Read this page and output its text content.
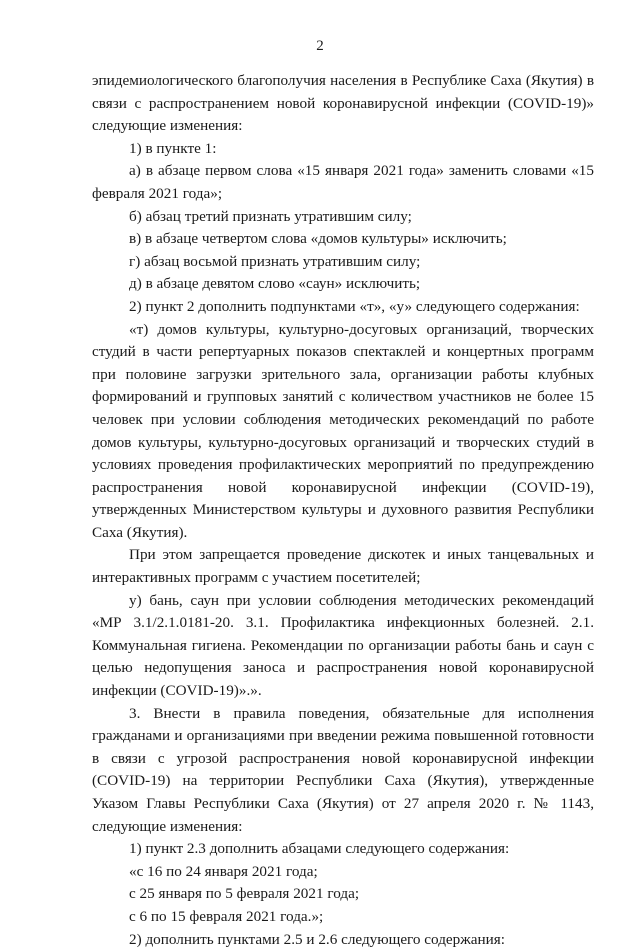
2

эпидемиологического благополучия населения в Республике Саха (Якутия) в связи с распространением новой коронавирусной инфекции (COVID-19)» следующие изменения:

1) в пункте 1:

а) в абзаце первом слова «15 января 2021 года» заменить словами «15 февраля 2021 года»;

б) абзац третий признать утратившим силу;

в) в абзаце четвертом слова «домов культуры» исключить;

г) абзац восьмой признать утратившим силу;

д) в абзаце девятом слово «саун» исключить;

2) пункт 2 дополнить подпунктами «т», «у» следующего содержания:

«т) домов культуры, культурно-досуговых организаций, творческих студий в части репертуарных показов спектаклей и концертных программ при половине загрузки зрительного зала, организации работы клубных формирований и групповых занятий с количеством участников не более 15 человек при условии соблюдения методических рекомендаций по работе домов культуры, культурно-досуговых организаций и творческих студий в условиях проведения профилактических мероприятий по предупреждению распространения новой коронавирусной инфекции (COVID-19), утвержденных Министерством культуры и духовного развития Республики Саха (Якутия).

При этом запрещается проведение дискотек и иных танцевальных и интерактивных программ с участием посетителей;

у) бань, саун при условии соблюдения методических рекомендаций «МР 3.1/2.1.0181-20. 3.1. Профилактика инфекционных болезней. 2.1. Коммунальная гигиена. Рекомендации по организации работы бань и саун с целью недопущения заноса и распространения новой коронавирусной инфекции (COVID-19)».».

3. Внести в правила поведения, обязательные для исполнения гражданами и организациями при введении режима повышенной готовности в связи с угрозой распространения новой коронавирусной инфекции (COVID-19) на территории Республики Саха (Якутия), утвержденные Указом Главы Республики Саха (Якутия) от 27 апреля 2020 г. № 1143, следующие изменения:

1) пункт 2.3 дополнить абзацами следующего содержания:

«с 16 по 24 января 2021 года;

с 25 января по 5 февраля 2021 года;

с 6 по 15 февраля 2021 года.»;

2) дополнить пунктами 2.5 и 2.6 следующего содержания:
